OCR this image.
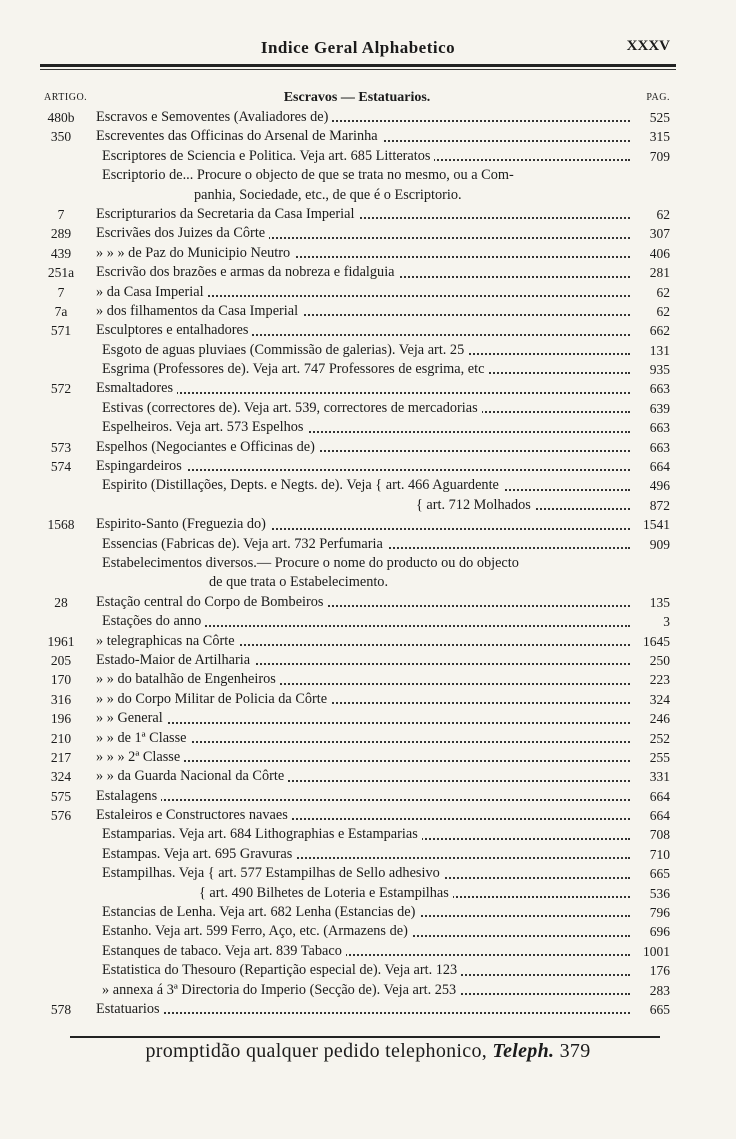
Indice Geral Alphabetico	XXXV
ARTIGO.	Escravos — Estatuarios.	PAG.
480b Escravos e Semoventes (Avaliadores de)	525
350	Escreventes das Officinas do Arsenal de Marinha	315
Escriptores de Sciencia e Politica. Veja art. 685 Litteratos	709
Escriptorio de... Procure o objecto de que se trata no mesmo, ou a Com-
panhia, Sociedade, etc., de que é o Escriptorio.
7	Escripturarios da Secretaria da Casa Imperial	62
289	Escrivães dos Juizes da Côrte	307
439	» » » de Paz do Municipio Neutro	406
251a Escrivão dos brazões e armas da nobreza e fidalguia	281
7	» da Casa Imperial	62
7a	» dos filhamentos da Casa Imperial	62
571	Esculptores e entalhadores	662
Esgoto de aguas pluviaes (Commissão de galerias). Veja art. 25	131
Esgrima (Professores de). Veja art. 747 Professores de esgrima, etc	935
572	Esmaltadores	663
Estivas (correctores de). Veja art. 539, correctores de mercadorias	639
Espelheiros. Veja art. 573 Espelhos	663
573	Espelhos (Negociantes e Officinas de)	663
574	Espingardeiros	664
Espirito (Distillações, Depts. e Negts. de). Veja { art. 466 Aguardente	496
{ art. 712 Molhados	872
1568 Espirito-Santo (Freguezia do)	1541
Essencias (Fabricas de). Veja art. 732 Perfumaria	909
Estabelecimentos diversos.— Procure o nome do producto ou do objecto
de que trata o Estabelecimento.
28	Estação central do Corpo de Bombeiros	135
Estações do anno	3
1961 » telegraphicas na Côrte	1645
205	Estado-Maior de Artilharia	250
170	» » do batalhão de Engenheiros	223
316	» » do Corpo Militar de Policia da Côrte	324
196	» » General	246
210	» » de 1ª Classe	252
217	» » » 2ª Classe	255
324	» » da Guarda Nacional da Côrte	331
575	Estalagens	664
576	Estaleiros e Constructores navaes	664
Estamparias. Veja art. 684 Lithographias e Estamparias	708
Estampas. Veja art. 695 Gravuras	710
Estampilhas. Veja { art. 577 Estampilhas de Sello adhesivo	665
{ art. 490 Bilhetes de Loteria e Estampilhas	536
Estancias de Lenha. Veja art. 682 Lenha (Estancias de)	796
Estanho. Veja art. 599 Ferro, Aço, etc. (Armazens de)	696
Estanques de tabaco. Veja art. 839 Tabaco	1001
Estatistica do Thesouro (Repartição especial de). Veja art. 123	176
» annexa á 3ª Directoria do Imperio (Secção de). Veja art. 253	283
578	Estatuarios	665
promptidão qualquer pedido telephonico, Teleph. 379
